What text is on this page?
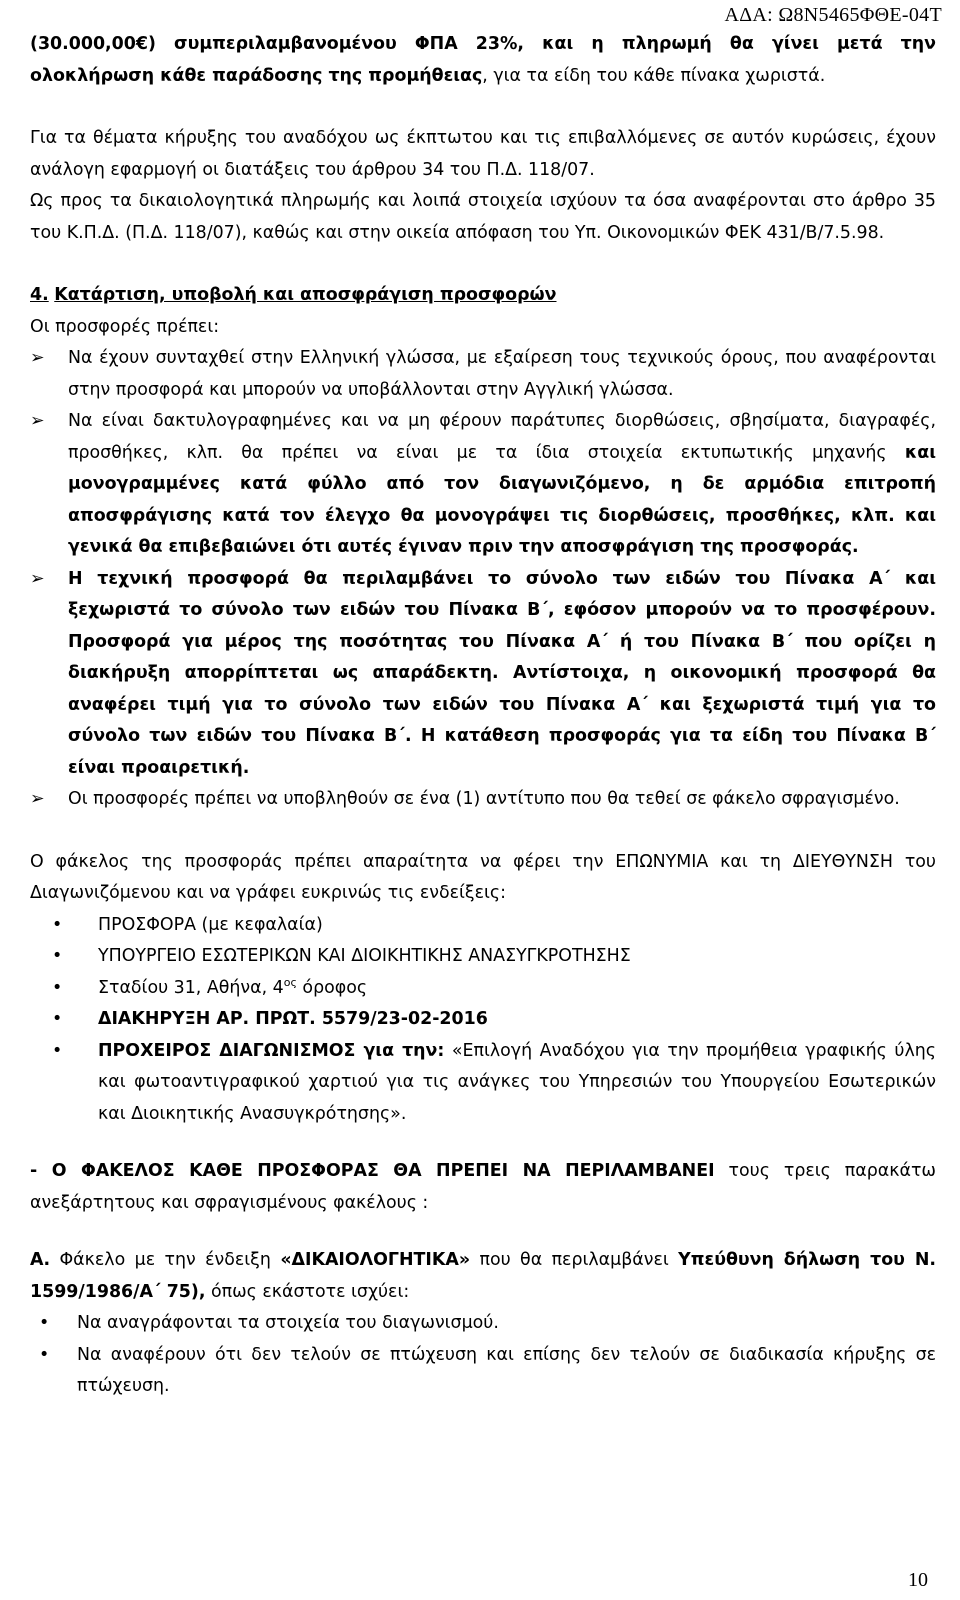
ΑΔΑ: Ω8Ν5465ΦΘΕ-04Τ

(30.000,00€) συμπεριλαμβανομένου ΦΠΑ 23%, και η πληρωμή θα γίνει μετά την ολοκλήρωση κάθε παράδοσης της προμήθειας, για τα είδη του κάθε πίνακα χωριστά.

Για τα θέματα κήρυξης του αναδόχου ως έκπτωτου και τις επιβαλλόμενες σε αυτόν κυρώσεις, έχουν ανάλογη εφαρμογή οι διατάξεις του άρθρου 34 του Π.Δ. 118/07.

Ως προς τα δικαιολογητικά πληρωμής και λοιπά στοιχεία ισχύουν τα όσα αναφέρονται στο άρθρο 35 του Κ.Π.Δ. (Π.Δ. 118/07), καθώς και στην οικεία απόφαση του Υπ. Οικονομικών ΦΕΚ 431/Β/7.5.98.

4. Κατάρτιση, υποβολή και αποσφράγιση προσφορών

Οι προσφορές πρέπει:

➢ Να έχουν συνταχθεί στην Ελληνική γλώσσα, με εξαίρεση τους τεχνικούς όρους, που αναφέρονται στην προσφορά και μπορούν να υποβάλλονται στην Αγγλική γλώσσα.
➢ Να είναι δακτυλογραφημένες και να μη φέρουν παράτυπες διορθώσεις, σβησίματα, διαγραφές, προσθήκες, κλπ. θα πρέπει να είναι με τα ίδια στοιχεία εκτυπωτικής μηχανής και μονογραμμένες κατά φύλλο από τον διαγωνιζόμενο, η δε αρμόδια επιτροπή αποσφράγισης κατά τον έλεγχο θα μονογράψει τις διορθώσεις, προσθήκες, κλπ. και γενικά θα επιβεβαιώνει ότι αυτές έγιναν πριν την αποσφράγιση της προσφοράς.
➢ Η τεχνική προσφορά θα περιλαμβάνει το σύνολο των ειδών του Πίνακα Α΄ και ξεχωριστά το σύνολο των ειδών του Πίνακα Β΄, εφόσον μπορούν να το προσφέρουν. Προσφορά για μέρος της ποσότητας του Πίνακα Α΄ ή του Πίνακα Β΄ που ορίζει η διακήρυξη απορρίπτεται ως απαράδεκτη. Αντίστοιχα, η οικονομική προσφορά θα αναφέρει τιμή για το σύνολο των ειδών του Πίνακα Α΄ και ξεχωριστά τιμή για το σύνολο των ειδών του Πίνακα Β΄. Η κατάθεση προσφοράς για τα είδη του Πίνακα Β΄ είναι προαιρετική.
➢ Οι προσφορές πρέπει να υποβληθούν σε ένα (1) αντίτυπο που θα τεθεί σε φάκελο σφραγισμένο.

Ο φάκελος της προσφοράς πρέπει απαραίτητα να φέρει την ΕΠΩΝΥΜΙΑ και τη ΔΙΕΥΘΥΝΣΗ του Διαγωνιζόμενου και να γράφει ευκρινώς τις ενδείξεις:

• ΠΡΟΣΦΟΡΑ (με κεφαλαία)
• ΥΠΟΥΡΓΕΙΟ ΕΣΩΤΕΡΙΚΩΝ ΚΑΙ ΔΙΟΙΚΗΤΙΚΗΣ ΑΝΑΣΥΓΚΡΟΤΗΣΗΣ
• Σταδίου 31, Αθήνα, $4^{o\varsigma}$ όροφος
• ΔΙΑΚΗΡΥΞΗ ΑΡ. ΠΡΩΤ. 5579/23-02-2016
• ΠΡΟΧΕΙΡΟΣ ΔΙΑΓΩΝΙΣΜΟΣ για την: «Επιλογή Αναδόχου για την προμήθεια γραφικής ύλης και φωτοαντιγραφικού χαρτιού για τις ανάγκες του Υπηρεσιών του Υπουργείου Εσωτερικών και Διοικητικής Ανασυγκρότησης».

- Ο ΦΑΚΕΛΟΣ ΚΑΘΕ ΠΡΟΣΦΟΡΑΣ ΘΑ ΠΡΕΠΕΙ ΝΑ ΠΕΡΙΛΑΜΒΑΝΕΙ τους τρεις παρακάτω ανεξάρτητους και σφραγισμένους φακέλους :

Α. Φάκελο με την ένδειξη «ΔΙΚΑΙΟΛΟΓΗΤΙΚΑ» που θα περιλαμβάνει Υπεύθυνη δήλωση του Ν. 1599/1986/Α΄ 75), όπως εκάστοτε ισχύει:

• Να αναγράφονται τα στοιχεία του διαγωνισμού.
• Να αναφέρουν ότι δεν τελούν σε πτώχευση και επίσης δεν τελούν σε διαδικασία κήρυξης σε πτώχευση.
10
